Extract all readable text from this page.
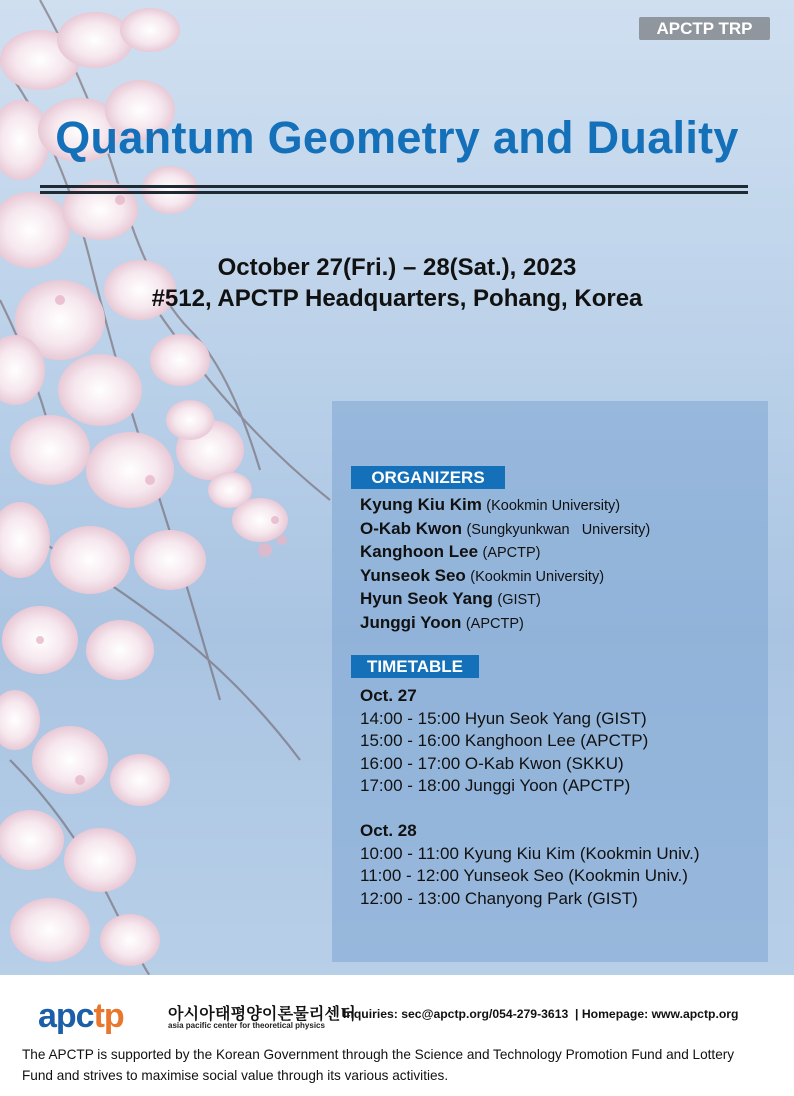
APCTP TRP
Quantum Geometry and Duality
October 27(Fri.) – 28(Sat.), 2023
#512, APCTP Headquarters, Pohang, Korea
ORGANIZERS
Kyung Kiu Kim (Kookmin University)
O-Kab Kwon (Sungkyunkwan   University)
Kanghoon Lee (APCTP)
Yunseok Seo (Kookmin University)
Hyun Seok Yang (GIST)
Junggi Yoon (APCTP)
TIMETABLE
Oct. 27
14:00 - 15:00 Hyun Seok Yang (GIST)
15:00 - 16:00 Kanghoon Lee (APCTP)
16:00 - 17:00 O-Kab Kwon (SKKU)
17:00 - 18:00 Junggi Yoon (APCTP)
Oct. 28
10:00 - 11:00 Kyung Kiu Kim (Kookmin Univ.)
11:00 - 12:00 Yunseok Seo (Kookmin Univ.)
12:00 - 13:00 Chanyong Park (GIST)
apctp	아시아태평양이론물리센터
asia pacific center for theoretical physics
Inquiries: sec@apctp.org/054-279-3613  | Homepage: www.apctp.org
The APCTP is supported by the Korean Government through the Science and Technology Promotion Fund and Lottery Fund and strives to maximise social value through its various activities.
